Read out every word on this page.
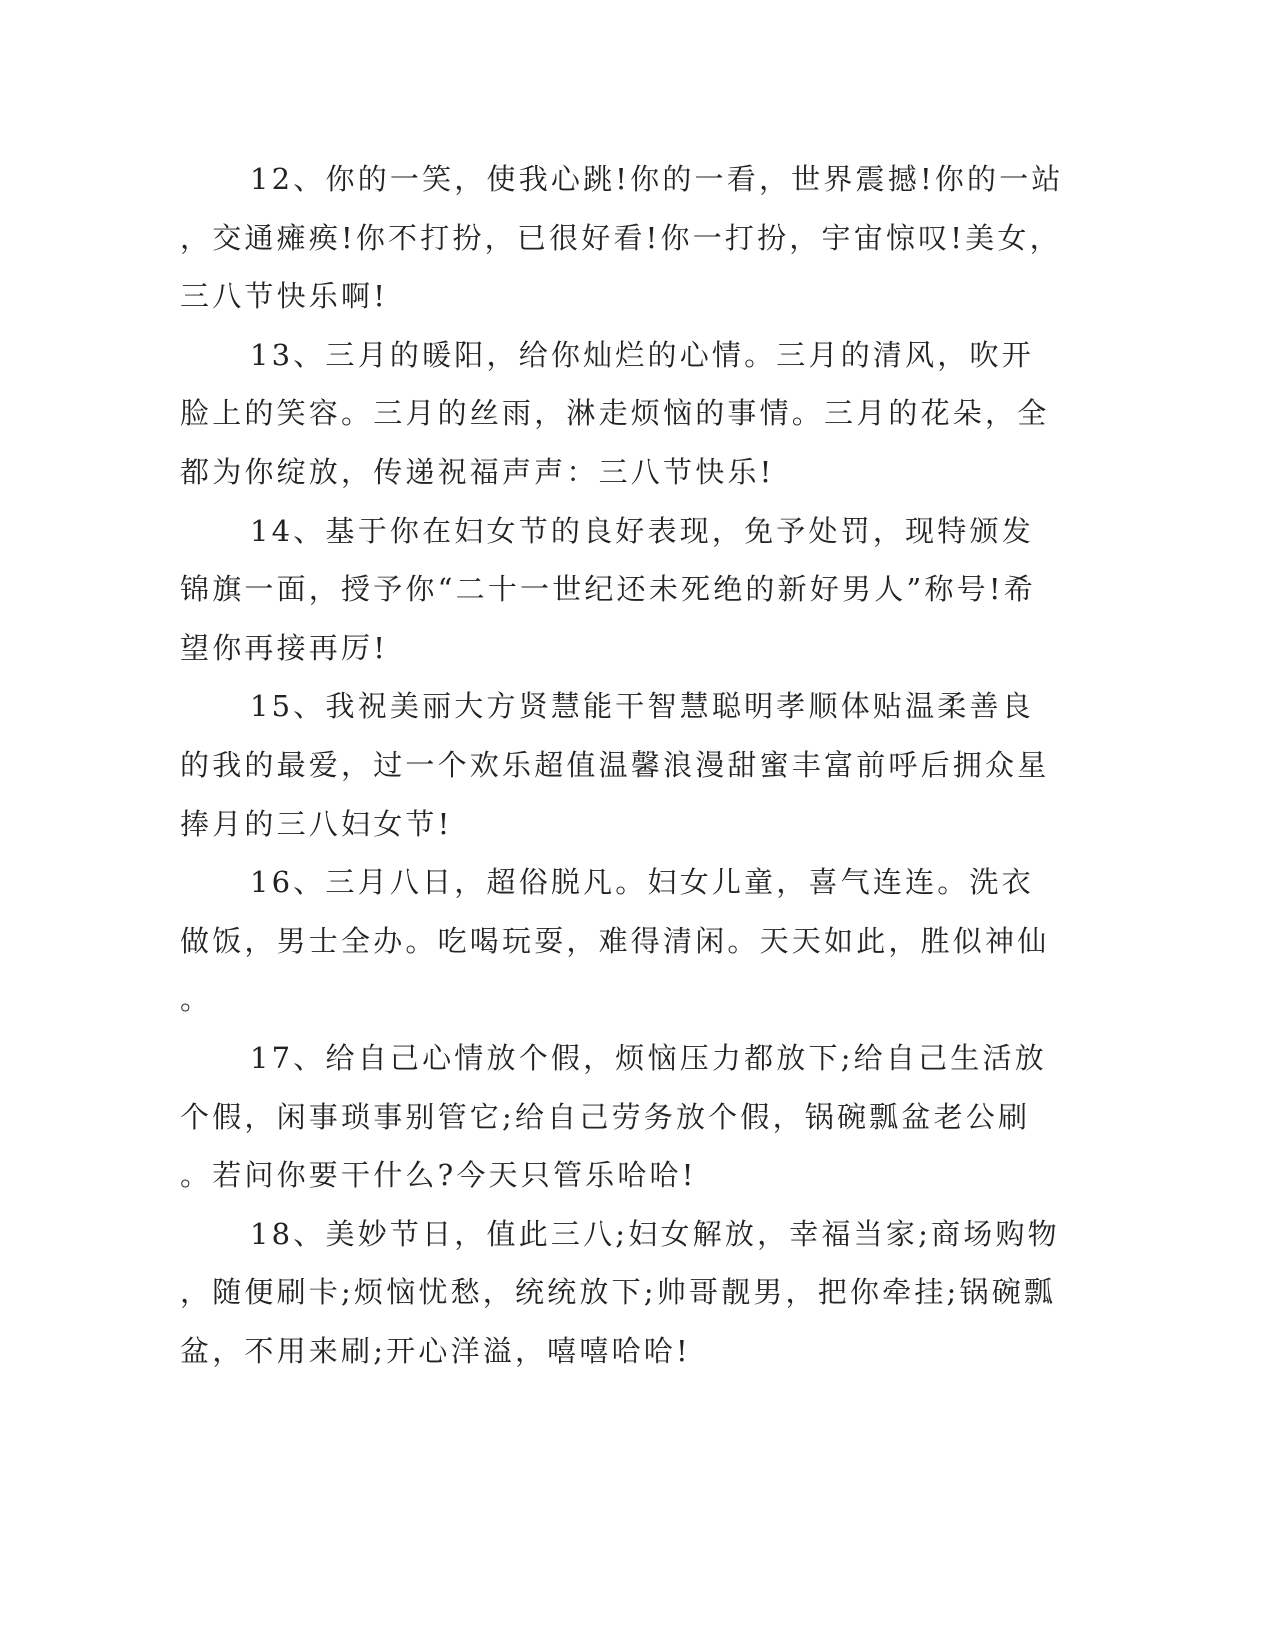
12、你的一笑，使我心跳!你的一看，世界震撼!你的一站
，交通瘫痪!你不打扮，已很好看!你一打扮，宇宙惊叹!美女，
三八节快乐啊!

13、三月的暖阳，给你灿烂的心情。三月的清风，吹开
脸上的笑容。三月的丝雨，淋走烦恼的事情。三月的花朵，全
都为你绽放，传递祝福声声：三八节快乐!

14、基于你在妇女节的良好表现，免予处罚，现特颁发
锦旗一面，授予你“二十一世纪还未死绝的新好男人”称号!希
望你再接再厉!

15、我祝美丽大方贤慧能干智慧聪明孝顺体贴温柔善良
的我的最爱，过一个欢乐超值温馨浪漫甜蜜丰富前呼后拥众星
捧月的三八妇女节!

16、三月八日，超俗脱凡。妇女儿童，喜气连连。洗衣
做饭，男士全办。吃喝玩耍，难得清闲。天天如此，胜似神仙
。

17、给自己心情放个假，烦恼压力都放下;给自己生活放
个假，闲事琐事别管它;给自己劳务放个假，锅碗瓢盆老公刷
。若问你要干什么?今天只管乐哈哈!

18、美妙节日，值此三八;妇女解放，幸福当家;商场购物
，随便刷卡;烦恼忧愁，统统放下;帅哥靓男，把你牵挂;锅碗瓢
盆，不用来刷;开心洋溢，嘻嘻哈哈!
